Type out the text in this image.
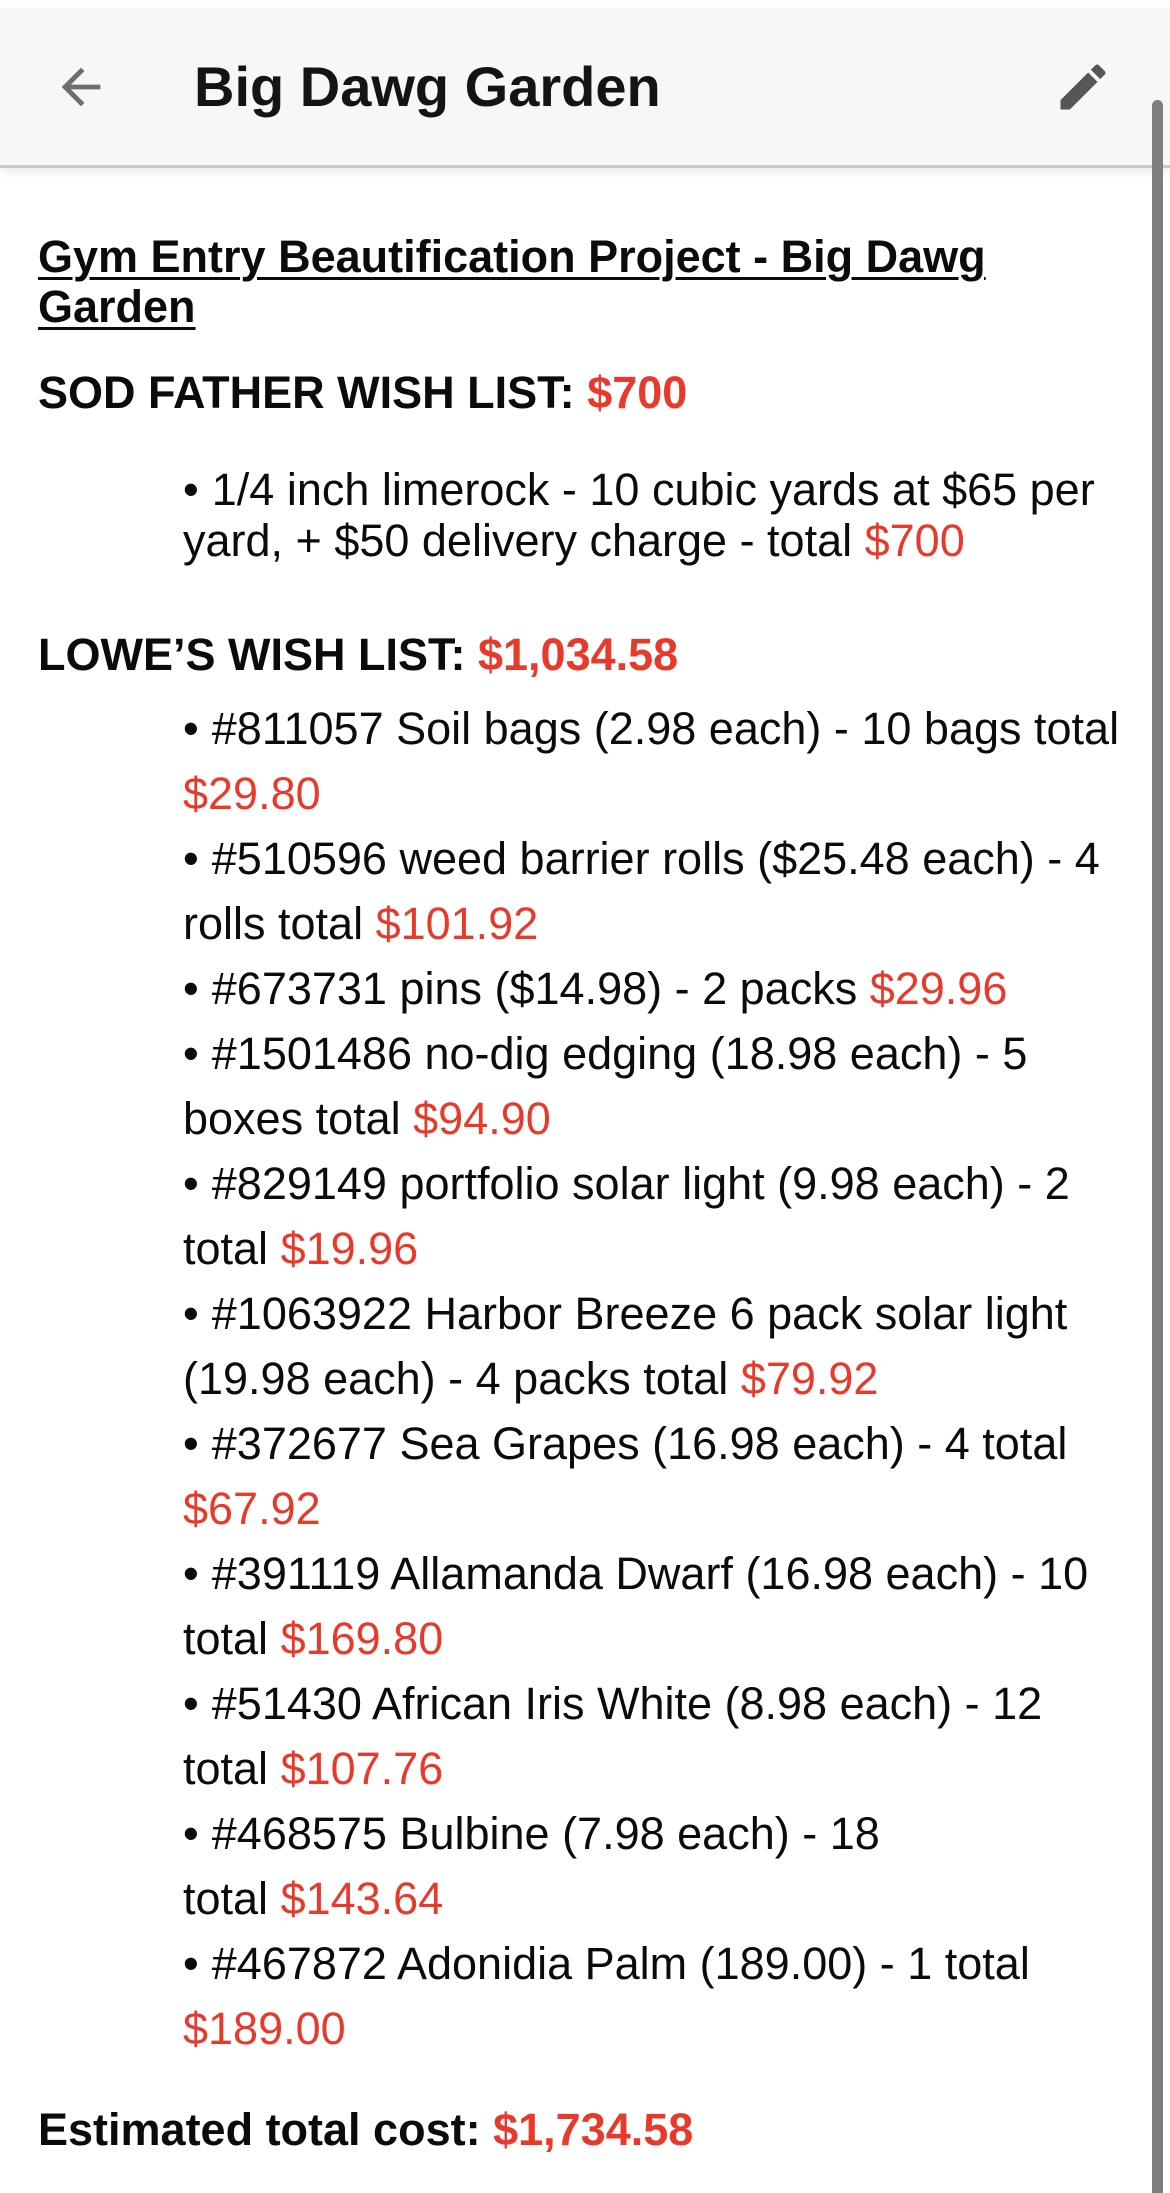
Big Dawg Garden
Gym Entry Beautification Project - Big Dawg
Garden
SOD FATHER WISH LIST: $700
• 1/4 inch limerock - 10 cubic yards at $65 per
yard, + $50 delivery charge - total $700
LOWE’S WISH LIST: $1,034.58
• #811057 Soil bags (2.98 each) - 10 bags total
$29.80
• #510596 weed barrier rolls ($25.48 each) - 4
rolls total $101.92
• #673731 pins ($14.98) - 2 packs $29.96
• #1501486 no-dig edging (18.98 each) - 5
boxes total $94.90
• #829149 portfolio solar light (9.98 each) - 2
total $19.96
• #1063922 Harbor Breeze 6 pack solar light
(19.98 each) - 4 packs total $79.92
• #372677 Sea Grapes (16.98 each) - 4 total
$67.92
• #391119 Allamanda Dwarf (16.98 each) - 10
total $169.80
• #51430 African Iris White (8.98 each) - 12
total $107.76
• #468575 Bulbine (7.98 each) - 18
total $143.64
• #467872 Adonidia Palm (189.00) - 1 total
$189.00

Estimated total cost: $1,734.58
